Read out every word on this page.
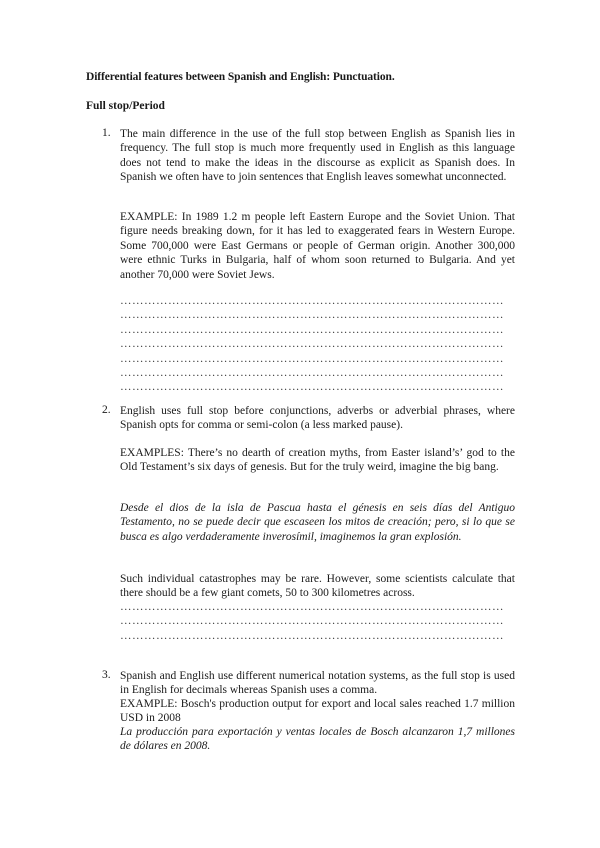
Differential features between Spanish and English: Punctuation.
Full stop/Period
1. The main difference in the use of the full stop between English as Spanish lies in frequency. The full stop is much more frequently used in English as this language does not tend to make the ideas in the discourse as explicit as Spanish does. In Spanish we often have to join sentences that English leaves somewhat unconnected.
EXAMPLE: In 1989 1.2 m people left Eastern Europe and the Soviet Union. That figure needs breaking down, for it has led to exaggerated fears in Western Europe. Some 700,000 were East Germans or people of German origin. Another 300,000 were ethnic Turks in Bulgaria, half of whom soon returned to Bulgaria. And yet another 70,000 were Soviet Jews.
……………………………………………………………………………………
……………………………………………………………………………………
……………………………………………………………………………………
……………………………………………………………………………………
……………………………………………………………………………………
……………………………………………………………………………………
……………………………………………………………………………………
2. English uses full stop before conjunctions, adverbs or adverbial phrases, where Spanish opts for comma or semi-colon (a less marked pause).
EXAMPLES: There’s no dearth of creation myths, from Easter island’s’ god to the Old Testament’s six days of genesis. But for the truly weird, imagine the big bang.
Desde el dios de la isla de Pascua hasta el génesis en seis días del Antiguo Testamento, no se puede decir que escaseen los mitos de creación; pero, si lo que se busca es algo verdaderamente inverosímil, imaginemos la gran explosión.
Such individual catastrophes may be rare. However, some scientists calculate that there should be a few giant comets, 50 to 300 kilometres across.
……………………………………………………………………………………
……………………………………………………………………………………
……………………………………………………………………………………
3. Spanish and English use different numerical notation systems, as the full stop is used in English for decimals whereas Spanish uses a comma.
EXAMPLE: Bosch's production output for export and local sales reached 1.7 million USD in 2008
La producción para exportación y ventas locales de Bosch alcanzaron 1,7 millones de dólares en 2008.
